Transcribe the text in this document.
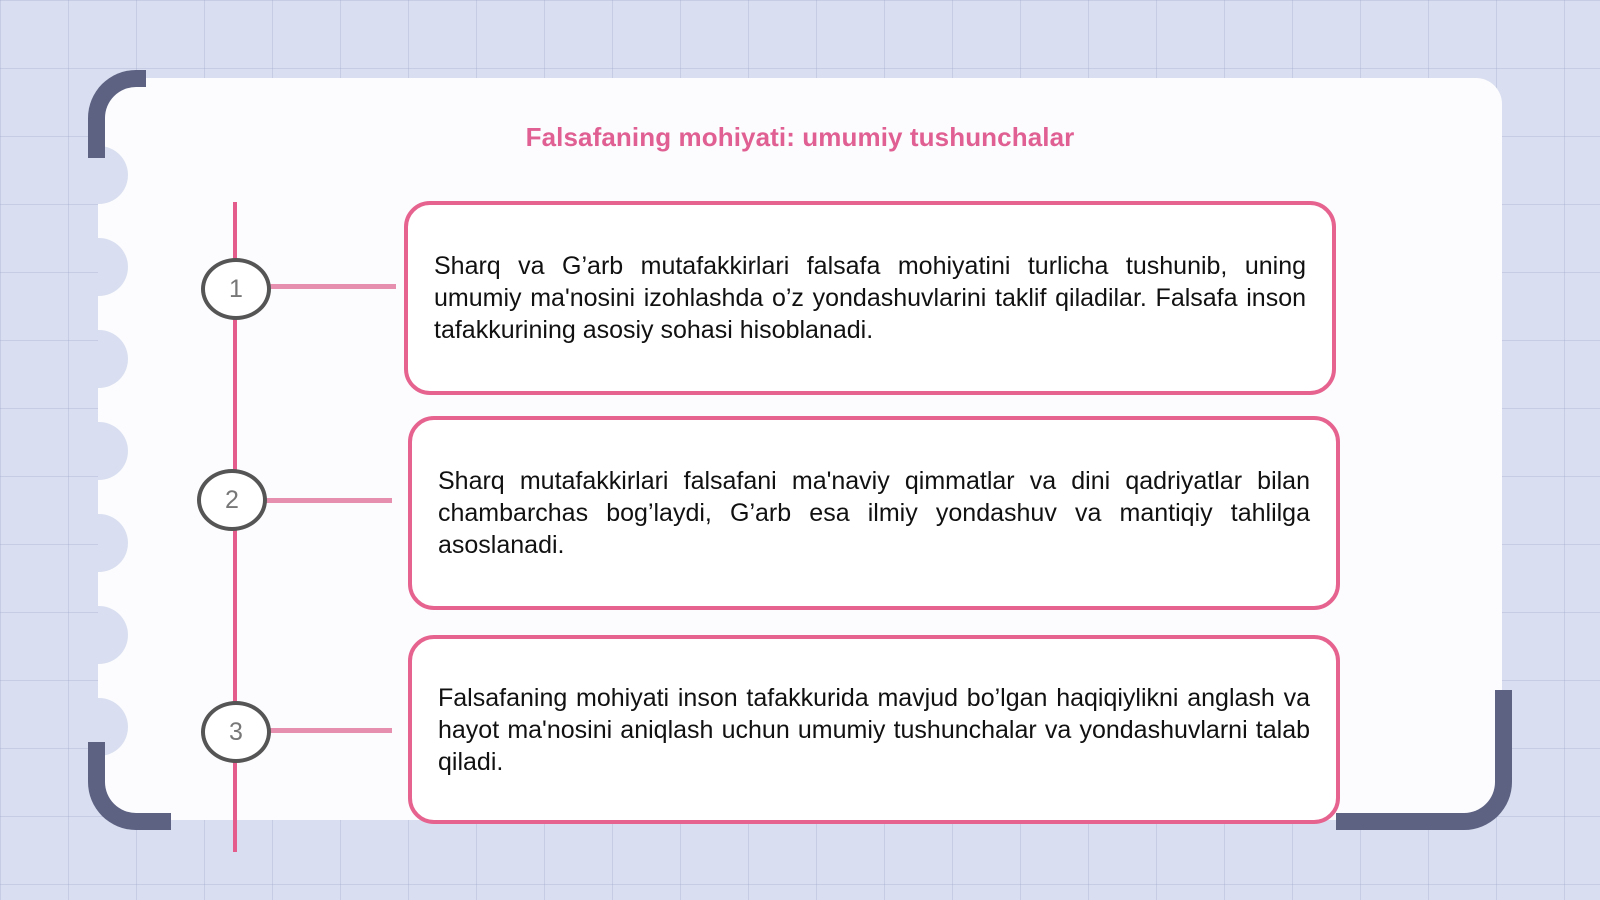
Falsafaning mohiyati: umumiy tushunchalar
1
2
3

Sharq va G’arb mutafakkirlari falsafa mohiyatini turlicha tushunib, uning umumiy ma'nosini izohlashda o’z yondashuvlarini taklif qiladilar. Falsafa inson tafakkurining asosiy sohasi hisoblanadi.

Sharq mutafakkirlari falsafani ma'naviy qimmatlar va dini qadriyatlar bilan chambarchas bog’laydi, G’arb esa ilmiy yondashuv va mantiqiy tahlilga asoslanadi.

Falsafaning mohiyati inson tafakkurida mavjud bo’lgan haqiqiylikni anglash va hayot ma'nosini aniqlash uchun umumiy tushunchalar va yondashuvlarni talab qiladi.
